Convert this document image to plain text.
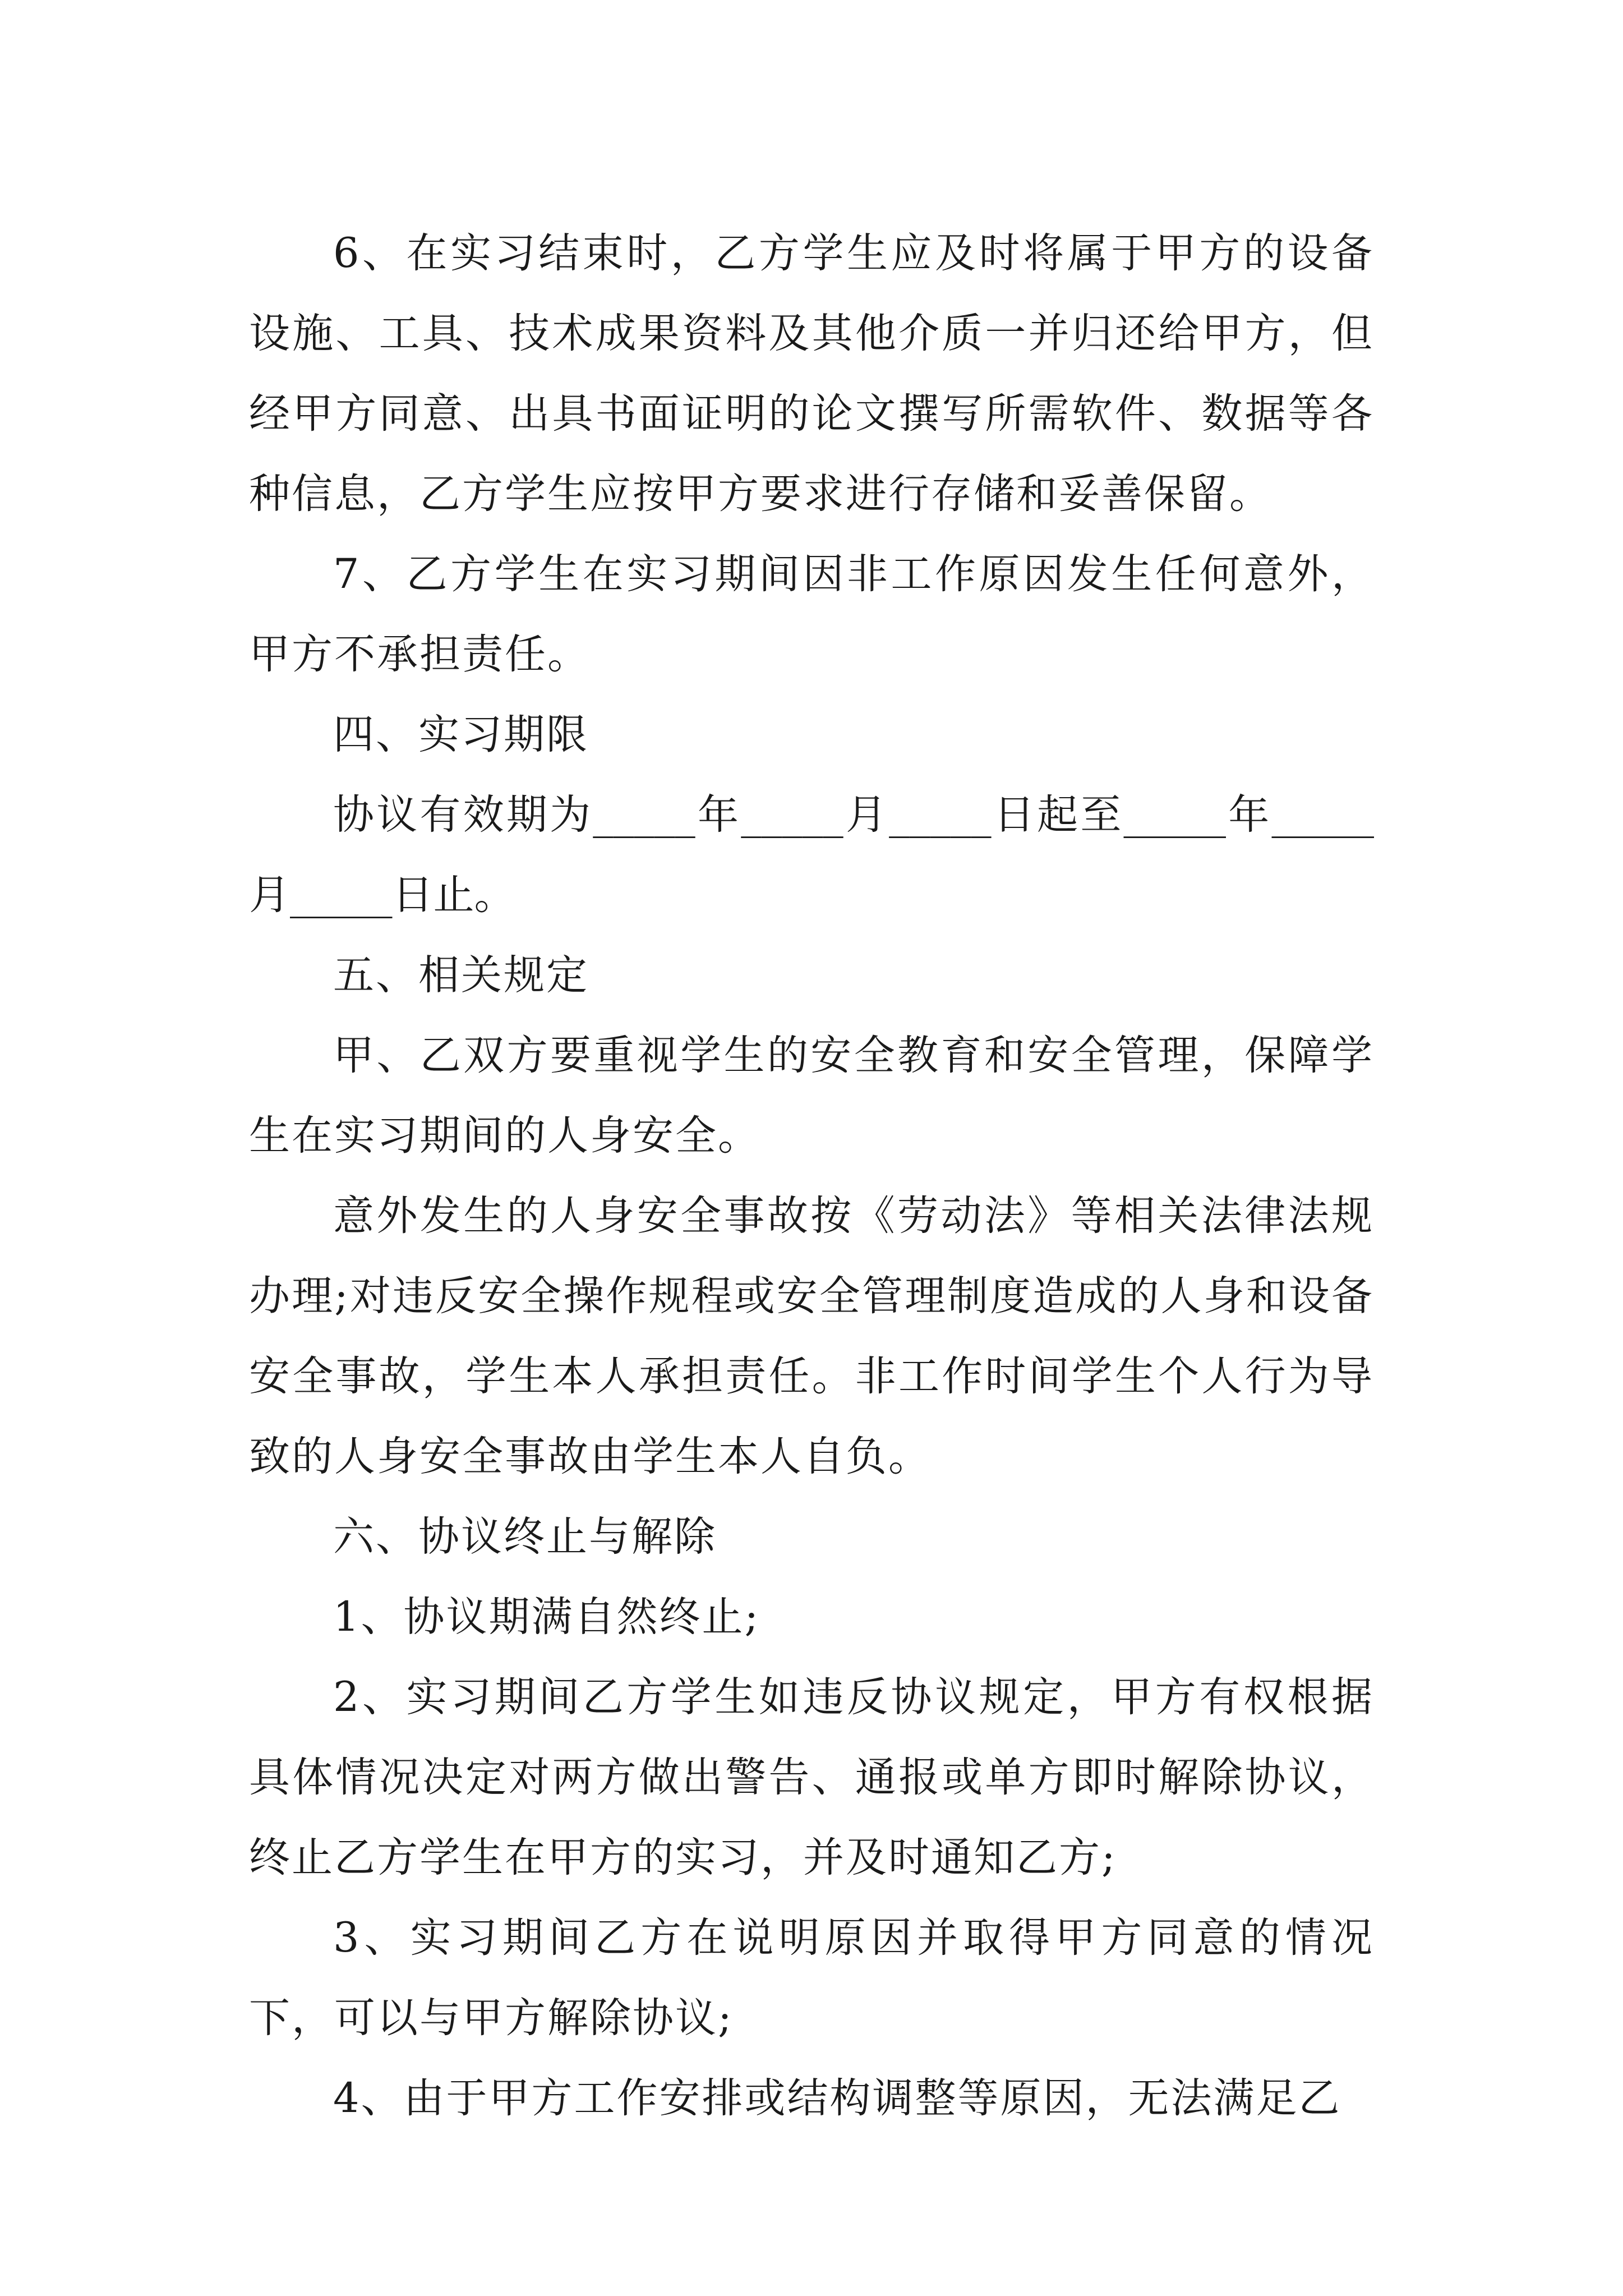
6、在实习结束时，乙方学生应及时将属于甲方的设备设施、工具、技术成果资料及其他介质一并归还给甲方，但经甲方同意、出具书面证明的论文撰写所需软件、数据等各种信息，乙方学生应按甲方要求进行存储和妥善保留。

7、乙方学生在实习期间因非工作原因发生任何意外，甲方不承担责任。

四、实习期限

协议有效期为_____年_____月_____日起至_____年_____月_____日止。

五、相关规定

甲、乙双方要重视学生的安全教育和安全管理，保障学生在实习期间的人身安全。

意外发生的人身安全事故按《劳动法》等相关法律法规办理;对违反安全操作规程或安全管理制度造成的人身和设备安全事故，学生本人承担责任。非工作时间学生个人行为导致的人身安全事故由学生本人自负。

六、协议终止与解除

1、协议期满自然终止;

2、实习期间乙方学生如违反协议规定，甲方有权根据具体情况决定对两方做出警告、通报或单方即时解除协议，终止乙方学生在甲方的实习，并及时通知乙方;

3、实习期间乙方在说明原因并取得甲方同意的情况下，可以与甲方解除协议;

4、由于甲方工作安排或结构调整等原因，无法满足乙
